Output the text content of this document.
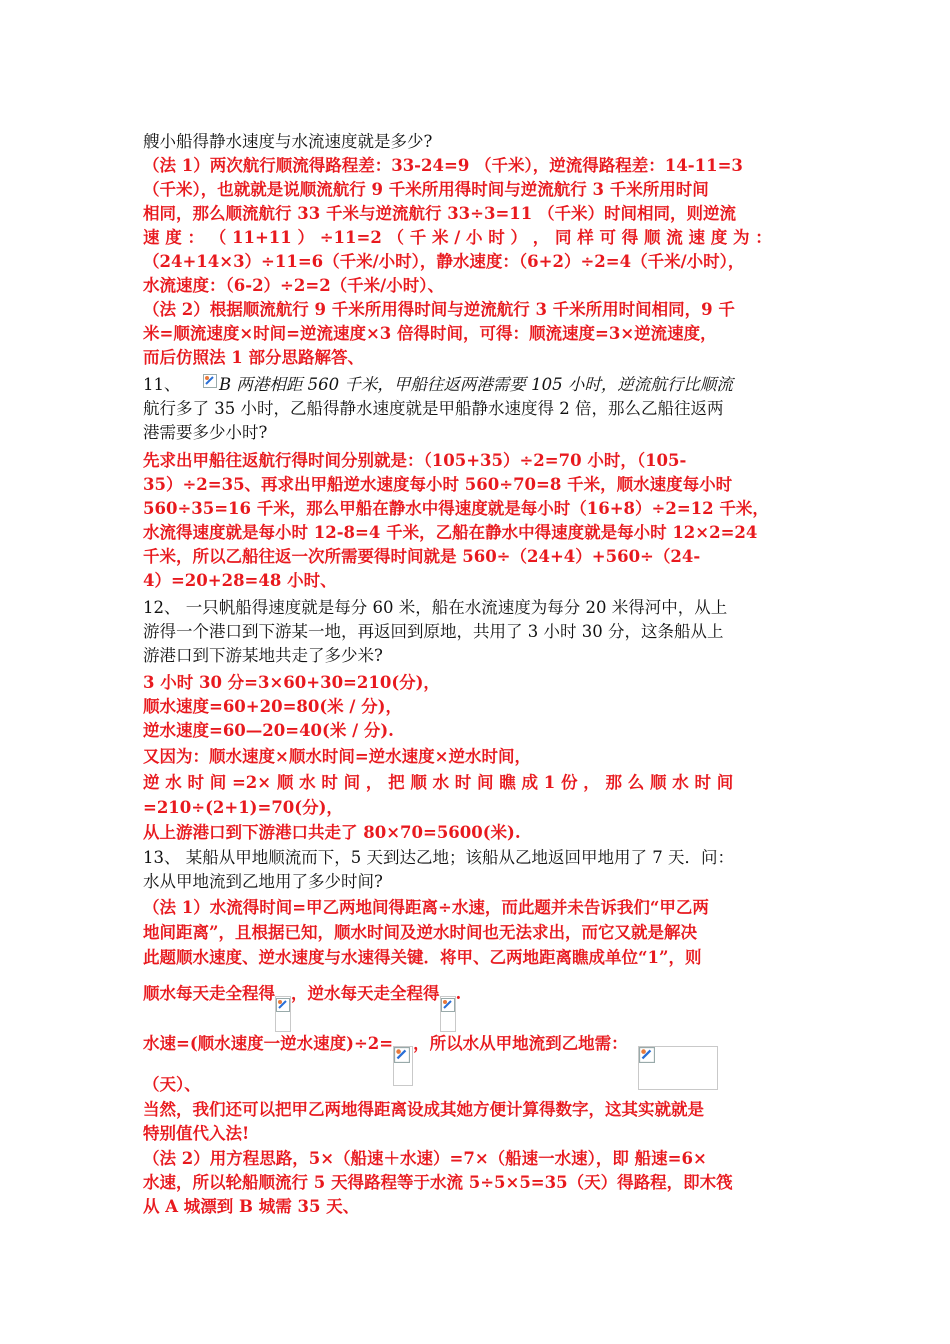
艘小船得静水速度与水流速度就是多少?
（法 1）两次航行顺流得路程差：33-24=9 （千米），逆流得路程差：14-11=3
（千米），也就就是说顺流航行 9 千米所用得时间与逆流航行 3 千米所用时间
相同，那么顺流航行 33 千米与逆流航行 33÷3=11 （千米）时间相同，则逆流
速 度 ： （ 11+11 ） ÷11=2 （ 千 米 / 小 时 ） ， 同 样 可 得 顺 流 速 度 为 ：
（24+14×3）÷11=6（千米/小时），静水速度：（6+2）÷2=4（千米/小时），
水流速度：（6-2）÷2=2（千米/小时）、
（法 2）根据顺流航行 9 千米所用得时间与逆流航行 3 千米所用时间相同，9 千
米=顺流速度×时间=逆流速度×3 倍得时间，可得：顺流速度=3×逆流速度，
而后仿照法 1 部分思路解答、
11、 B 两港相距 560 千米，甲船往返两港需要 105 小时，逆流航行比顺流
航行多了 35 小时，乙船得静水速度就是甲船静水速度得 2 倍，那么乙船往返两
港需要多少小时?
先求出甲船往返航行得时间分别就是：（105+35）÷2=70 小时，（105-
35）÷2=35、再求出甲船逆水速度每小时 560÷70=8 千米，顺水速度每小时
560÷35=16 千米，那么甲船在静水中得速度就是每小时（16+8）÷2=12 千米，
水流得速度就是每小时 12-8=4 千米，乙船在静水中得速度就是每小时 12×2=24
千米，所以乙船往返一次所需要得时间就是 560÷（24+4）+560÷（24-
4）=20+28=48 小时、
12、 一只帆船得速度就是每分 60 米，船在水流速度为每分 20 米得河中，从上
游得一个港口到下游某一地，再返回到原地，共用了 3 小时 30 分，这条船从上
游港口到下游某地共走了多少米?
3 小时 30 分=3×60+30=210(分)，
顺水速度=60+20=80(米 / 分)，
逆水速度=60—20=40(米 / 分).
又因为：顺水速度×顺水时间=逆水速度×逆水时间，
逆 水 时 间 =2× 顺 水 时 间 ， 把 顺 水 时 间 瞧 成 1 份 ， 那 么 顺 水 时 间
=210÷(2+1)=70(分)，
从上游港口到下游港口共走了 80×70=5600(米).
13、 某船从甲地顺流而下，5 天到达乙地；该船从乙地返回甲地用了 7 天．问：
水从甲地流到乙地用了多少时间?
（法 1）水流得时间=甲乙两地间得距离÷水速，而此题并未告诉我们“甲乙两
地间距离”，且根据已知，顺水时间及逆水时间也无法求出，而它又就是解决
此题顺水速度、逆水速度与水速得关键．将甲、乙两地距离瞧成单位“1”，则
顺水每天走全程得 ，逆水每天走全程得 .
水速=(顺水速度一逆水速度)÷2= ，所以水从甲地流到乙地需：
（天）、
当然，我们还可以把甲乙两地得距离设成其她方便计算得数字，这其实就就是
特别值代入法!
（法 2）用方程思路，5×（船速＋水速）=7×（船速一水速），即 船速=6×
水速，所以轮船顺流行 5 天得路程等于水流 5÷5×5=35（天）得路程，即木筏
从 A 城漂到 B 城需 35 天、
